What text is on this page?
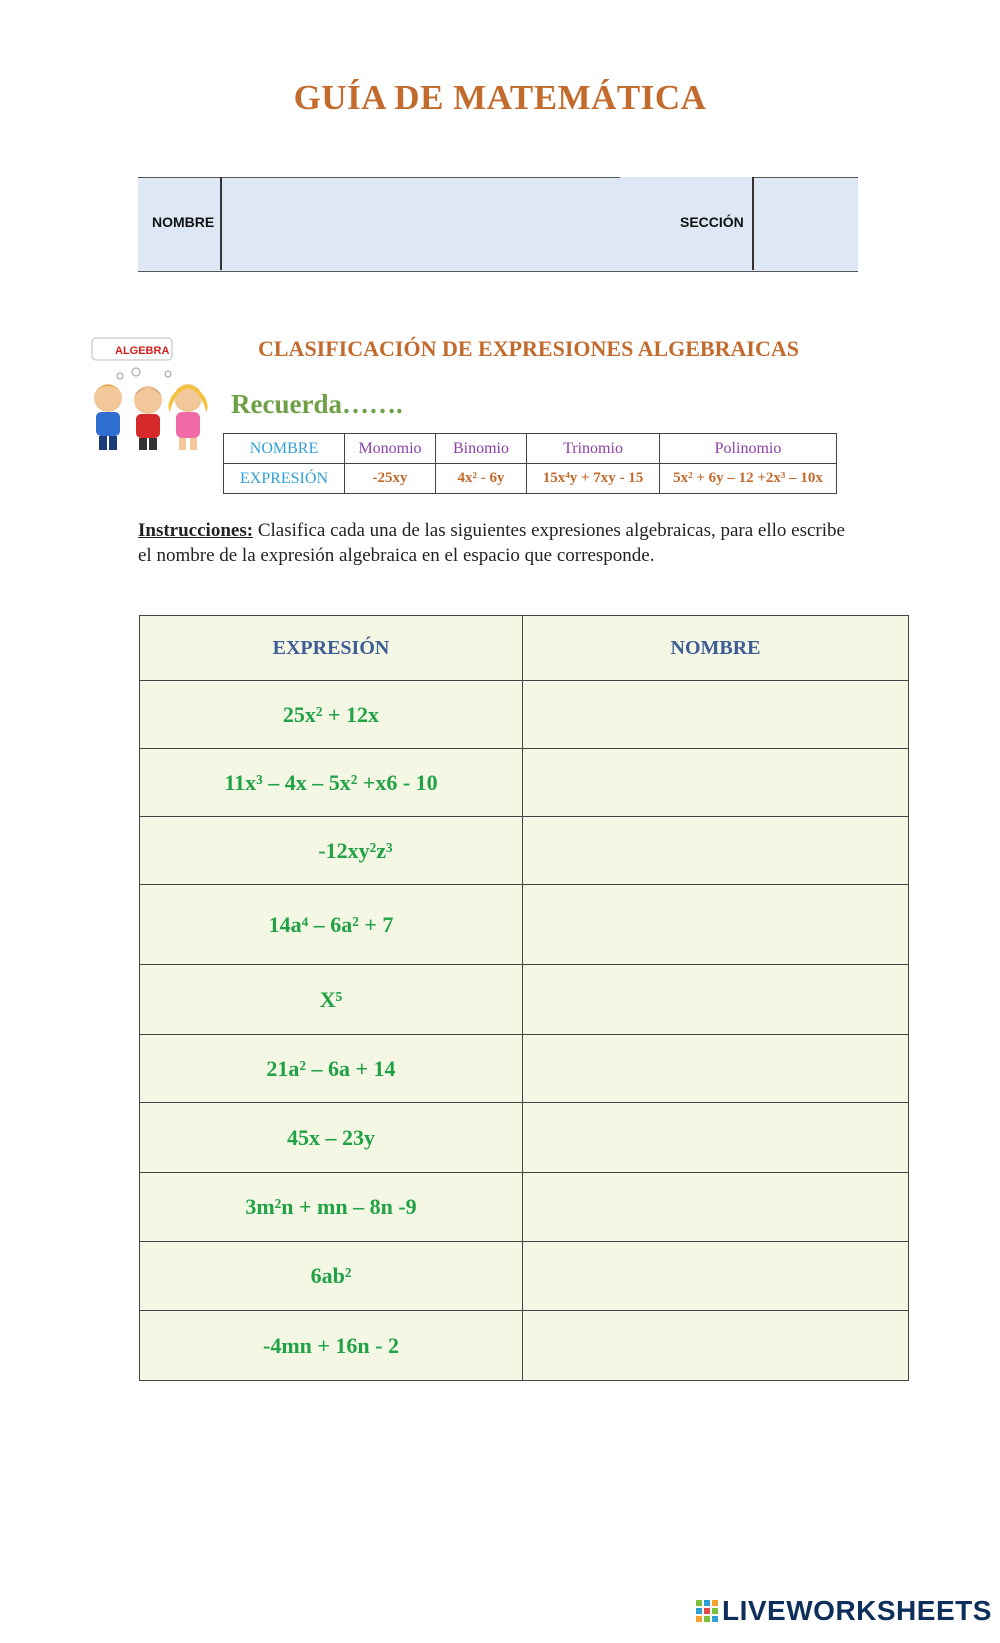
GUÍA DE MATEMÁTICA
NOMBRE	SECCIÓN
ALGEBRA	CLASIFICACIÓN DE EXPRESIONES ALGEBRAICAS
Recuerda…….
NOMBRE	Monomio	Binomio	Trinomio	Polinomio
EXPRESIÓN	-25xy	4x² - 6y	15x⁴y + 7xy - 15	5x² + 6y – 12 +2x³ – 10x
Instrucciones: Clasifica cada una de las siguientes expresiones algebraicas, para ello escribe el nombre de la expresión algebraica en el espacio que corresponde.
EXPRESIÓN	NOMBRE
25x² + 12x	
11x³ – 4x – 5x² +x6 - 10	
-12xy²z³	
14a⁴ – 6a² + 7	
X⁵	
21a² – 6a + 14	
45x – 23y	
3m²n + mn – 8n -9	
6ab²	
-4mn + 16n - 2	
LIVEWORKSHEETS
